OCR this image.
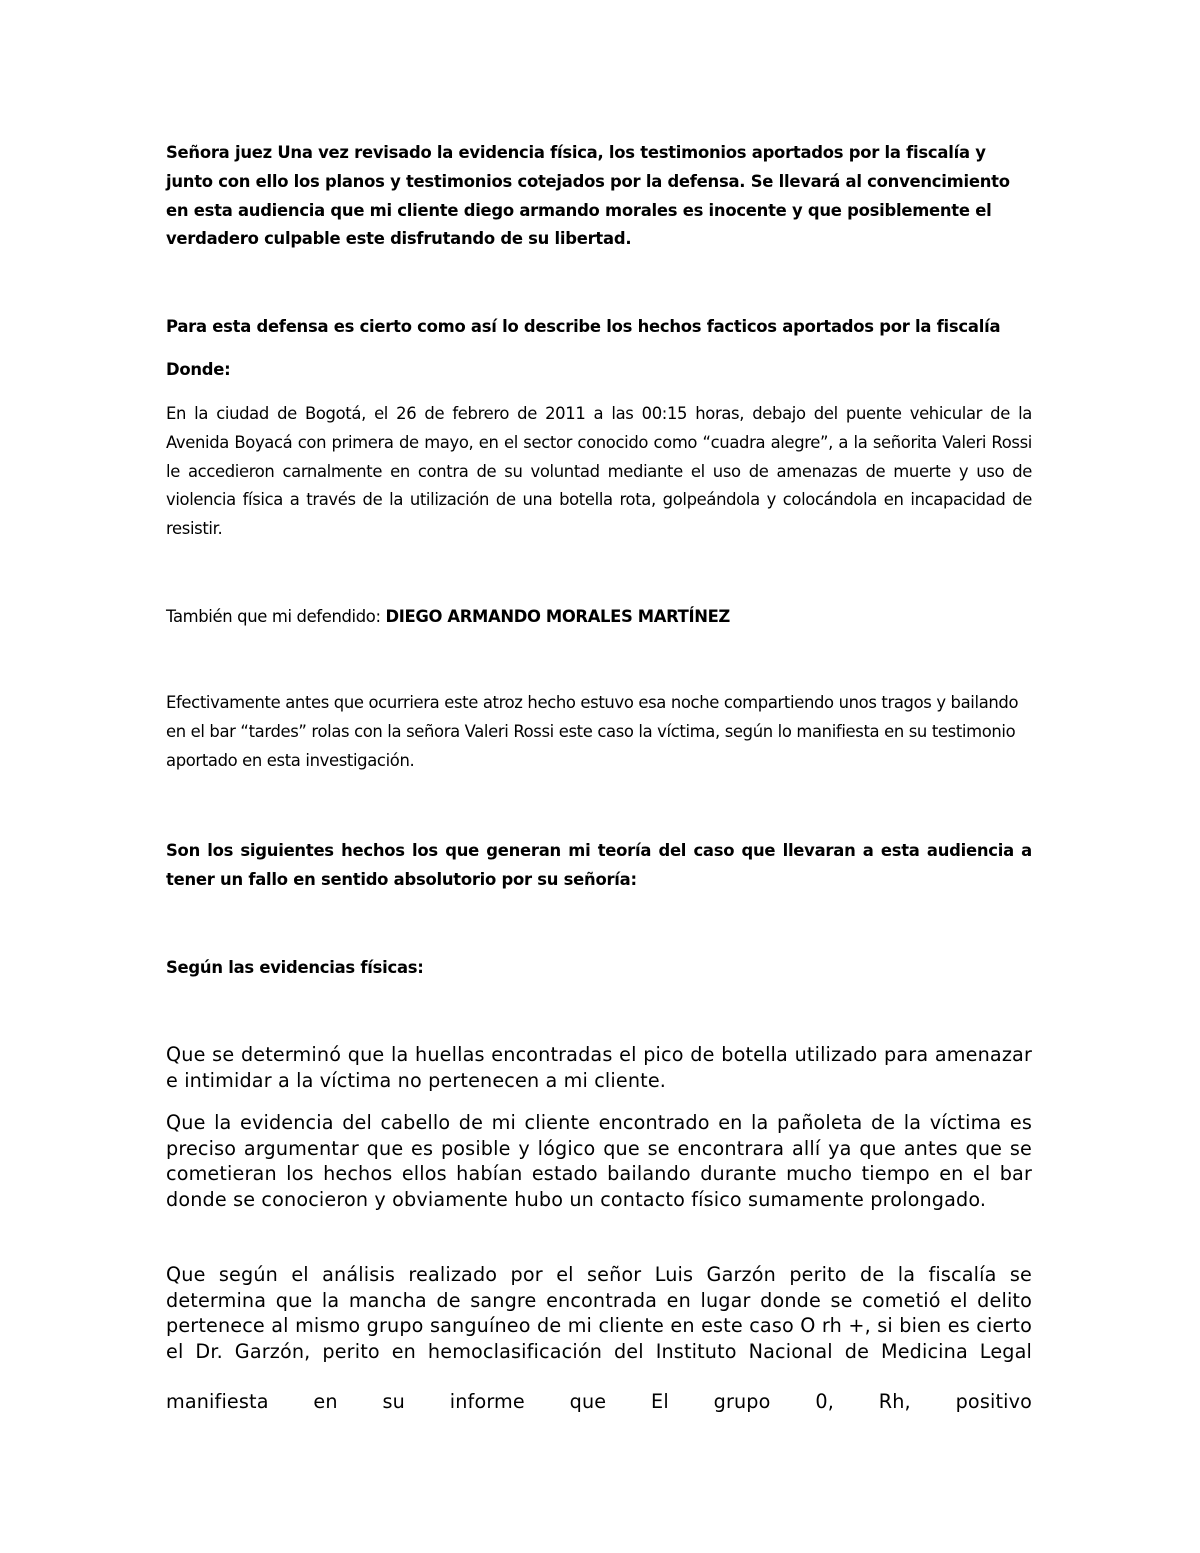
Señora juez Una vez revisado la evidencia física, los testimonios aportados por la fiscalía y junto con ello los planos y testimonios cotejados por la defensa. Se llevará al convencimiento en esta audiencia que mi cliente diego armando morales es inocente y que posiblemente el verdadero culpable este disfrutando de su libertad.

Para esta defensa es cierto como así lo describe los hechos facticos aportados por la fiscalía

Donde:

En la ciudad de Bogotá, el 26 de febrero de 2011 a las 00:15 horas, debajo del puente vehicular de la Avenida Boyacá con primera de mayo, en el sector conocido como “cuadra alegre”, a la señorita Valeri Rossi le accedieron carnalmente en contra de su voluntad mediante el uso de amenazas de muerte y uso de violencia física a través de la utilización de una botella rota, golpeándola y colocándola en incapacidad de resistir.

También que mi defendido: DIEGO ARMANDO MORALES MARTÍNEZ

Efectivamente antes que ocurriera este atroz hecho estuvo esa noche compartiendo unos tragos y bailando en el bar “tardes” rolas con la señora Valeri Rossi este caso la víctima, según lo manifiesta en su testimonio aportado en esta investigación.

Son los siguientes hechos los que generan mi teoría del caso que llevaran a esta audiencia a tener un fallo en sentido absolutorio por su señoría:

Según las evidencias físicas:

Que se determinó que la huellas encontradas el pico de botella utilizado para amenazar e intimidar a la víctima no pertenecen a mi cliente.

Que la evidencia del cabello de mi cliente encontrado en la pañoleta de la víctima es preciso argumentar que es posible y lógico que se encontrara allí ya que antes que se cometieran los hechos ellos habían estado bailando durante mucho tiempo en el bar donde se conocieron y obviamente hubo un contacto físico sumamente prolongado.

Que según el análisis realizado por el señor Luis Garzón perito de la fiscalía se determina que la mancha de sangre encontrada en lugar donde se cometió el delito pertenece al mismo grupo sanguíneo de mi cliente en este caso O rh +, si bien es cierto el Dr. Garzón, perito en hemoclasificación del Instituto Nacional de Medicina Legal

manifiesta en su informe que El grupo 0, Rh, positivo
